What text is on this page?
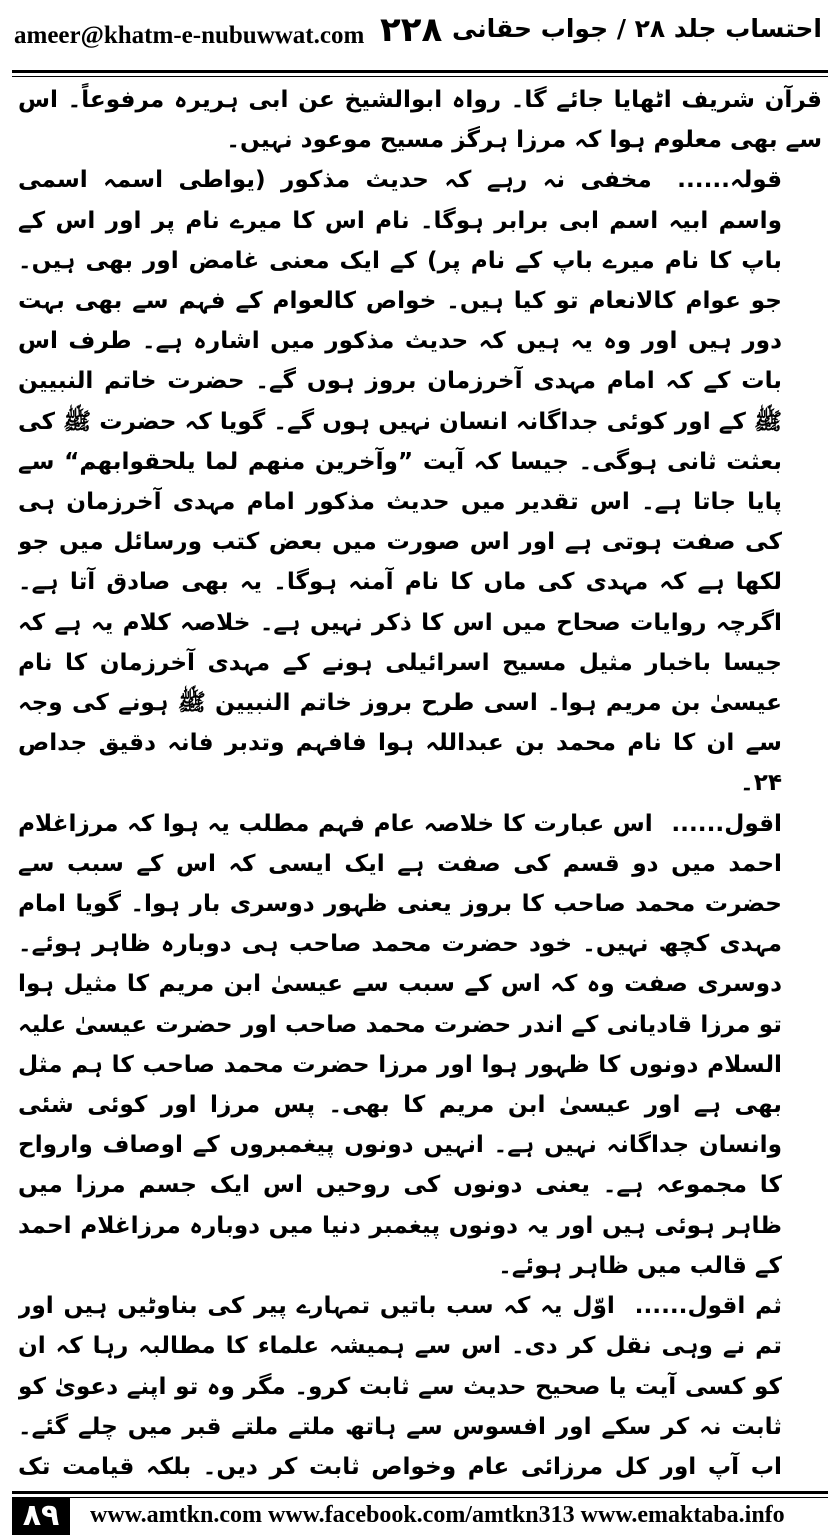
ameer@khatm-e-nubuwwat.com ۲۲۸ احتساب جلد ۲۸ / جواب حقانی

قرآن شریف اٹھایا جائے گا۔ رواہ ابوالشیخ عن ابی ہریرہ مرفوعاً۔ اس سے بھی معلوم ہوا کہ مرزا ہرگز مسیح موعود نہیں۔

قولہ...... مخفی نہ رہے کہ حدیث مذکور (یواطی اسمہ اسمی واسم ابیہ اسم ابی برابر ہوگا۔ نام اس کا میرے نام پر اور اس کے باپ کا نام میرے باپ کے نام پر) کے ایک معنی غامض اور بھی ہیں۔ جو عوام کالانعام تو کیا ہیں۔ خواص کالعوام کے فہم سے بھی بہت دور ہیں اور وہ یہ ہیں کہ حدیث مذکور میں اشارہ ہے۔ طرف اس بات کے کہ امام مہدی آخرزمان بروز ہوں گے۔ حضرت خاتم النبیین ﷺ کے اور کوئی جداگانہ انسان نہیں ہوں گے۔ گویا کہ حضرت ﷺ کی بعثت ثانی ہوگی۔ جیسا کہ آیت ”وآخرین منهم لما یلحقوابهم“ سے پایا جاتا ہے۔ اس تقدیر میں حدیث مذکور امام مہدی آخرزمان ہی کی صفت ہوتی ہے اور اس صورت میں بعض کتب ورسائل میں جو لکھا ہے کہ مہدی کی ماں کا نام آمنہ ہوگا۔ یہ بھی صادق آتا ہے۔ اگرچہ روایات صحاح میں اس کا ذکر نہیں ہے۔ خلاصہ کلام یہ ہے کہ جیسا باخبار مثیل مسیح اسرائیلی ہونے کے مہدی آخرزمان کا نام عیسیٰ بن مریم ہوا۔ اسی طرح بروز خاتم النبیین ﷺ ہونے کی وجہ سے ان کا نام محمد بن عبداللہ ہوا فافہم وتدبر فانہ دقیق جداص ۲۴۔

اقول...... اس عبارت کا خلاصہ عام فہم مطلب یہ ہوا کہ مرزاغلام احمد میں دو قسم کی صفت ہے ایک ایسی کہ اس کے سبب سے حضرت محمد صاحب کا بروز یعنی ظہور دوسری بار ہوا۔ گویا امام مہدی کچھ نہیں۔ خود حضرت محمد صاحب ہی دوبارہ ظاہر ہوئے۔ دوسری صفت وہ کہ اس کے سبب سے عیسیٰ ابن مریم کا مثیل ہوا تو مرزا قادیانی کے اندر حضرت محمد صاحب اور حضرت عیسیٰ علیہ السلام دونوں کا ظہور ہوا اور مرزا حضرت محمد صاحب کا ہم مثل بھی ہے اور عیسیٰ ابن مریم کا بھی۔ پس مرزا اور کوئی شئی وانسان جداگانہ نہیں ہے۔ انہیں دونوں پیغمبروں کے اوصاف وارواح کا مجموعہ ہے۔ یعنی دونوں کی روحیں اس ایک جسم مرزا میں ظاہر ہوئی ہیں اور یہ دونوں پیغمبر دنیا میں دوبارہ مرزاغلام احمد کے قالب میں ظاہر ہوئے۔

ثم اقول...... اوّل یہ کہ سب باتیں تمہارے پیر کی بناوٹیں ہیں اور تم نے وہی نقل کر دی۔ اس سے ہمیشہ علماء کا مطالبہ رہا کہ ان کو کسی آیت یا صحیح حدیث سے ثابت کرو۔ مگر وہ تو اپنے دعویٰ کو ثابت نہ کر سکے اور افسوس سے ہاتھ ملتے ملتے قبر میں چلے گئے۔ اب آپ اور کل مرزائی عام وخواص ثابت کر دیں۔ بلکہ قیامت تک

۸۹	www.amtkn.com www.facebook.com/amtkn313 www.emaktaba.info
